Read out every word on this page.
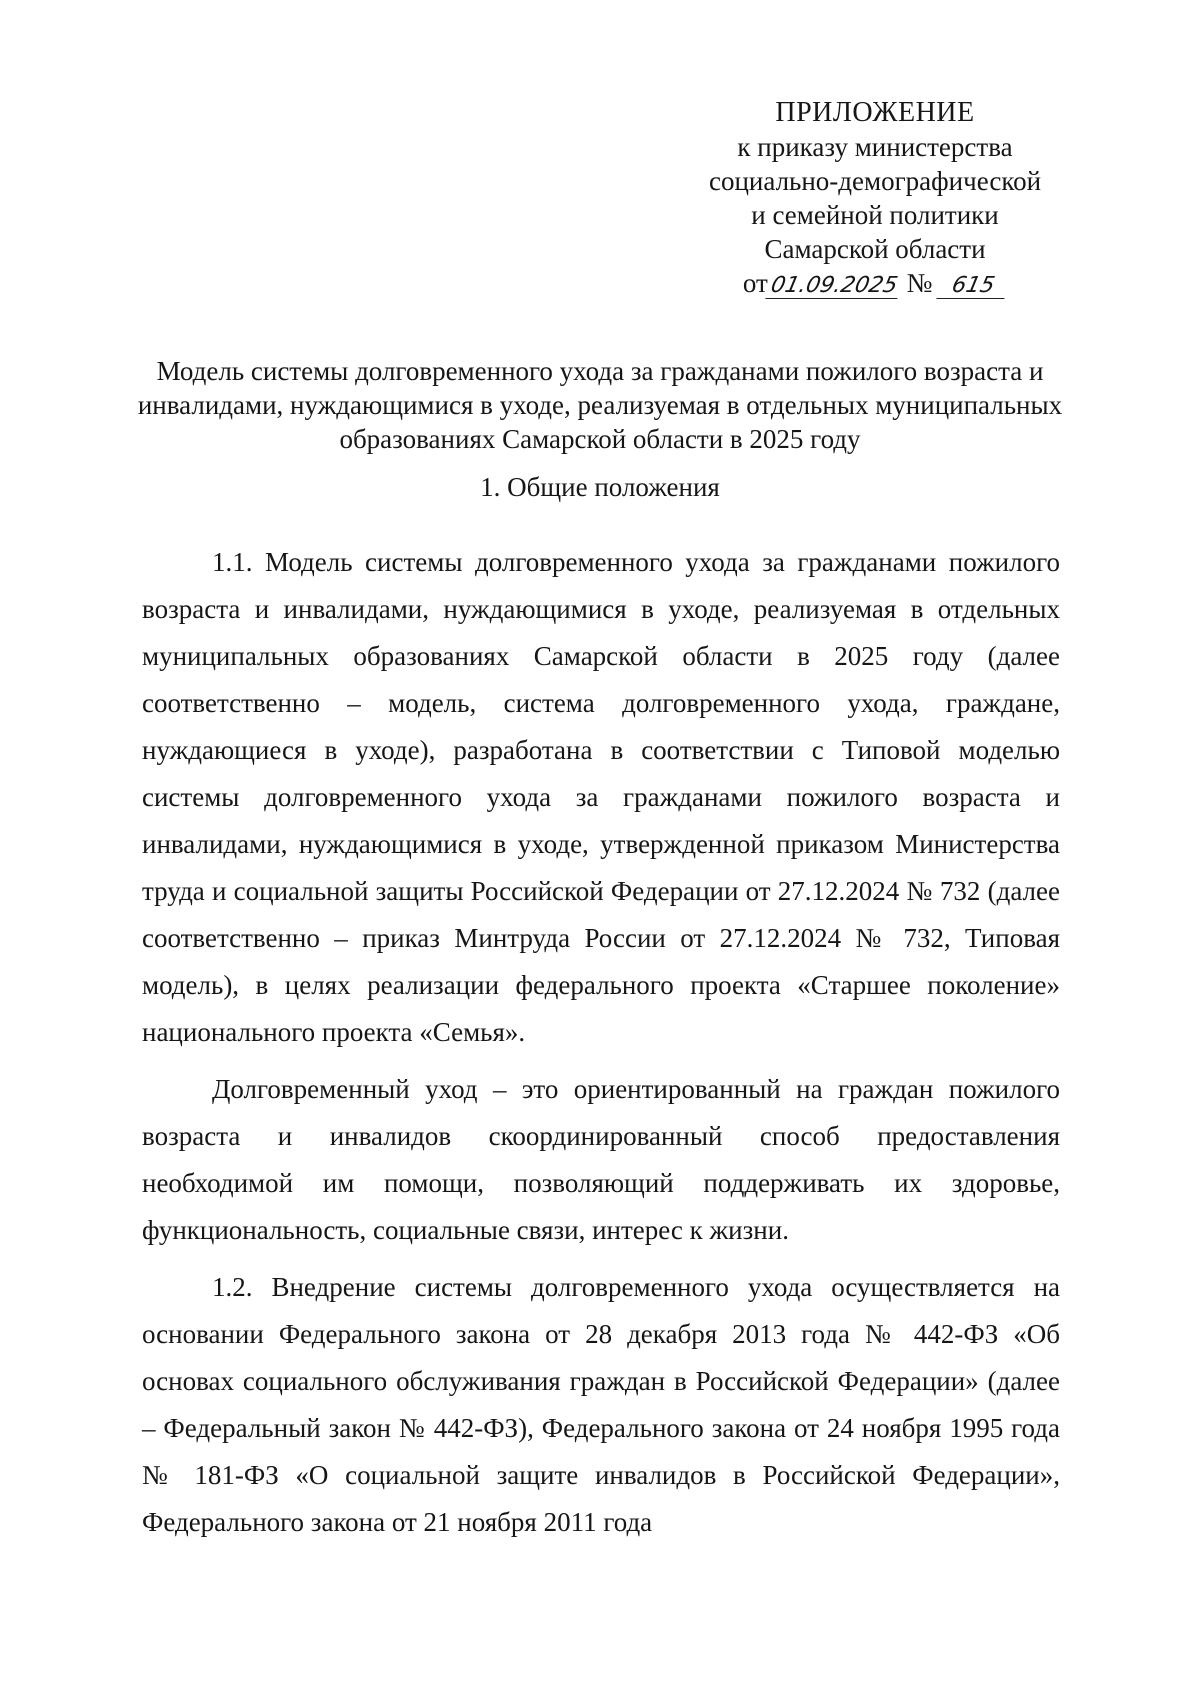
ПРИЛОЖЕНИЕ
к приказу министерства
социально-демографической
и семейной политики
Самарской области
от01.09.2025 № 615
Модель системы долговременного ухода за гражданами пожилого возраста и инвалидами, нуждающимися в уходе, реализуемая в отдельных муниципальных образованиях Самарской области в 2025 году
1. Общие положения

1.1. Модель системы долговременного ухода за гражданами пожилого возраста и инвалидами, нуждающимися в уходе, реализуемая в отдельных муниципальных образованиях Самарской области в 2025 году (далее соответственно – модель, система долговременного ухода, граждане, нуждающиеся в уходе), разработана в соответствии с Типовой моделью системы долговременного ухода за гражданами пожилого возраста и инвалидами, нуждающимися в уходе, утвержденной приказом Министерства труда и социальной защиты Российской Федерации от 27.12.2024 № 732 (далее соответственно – приказ Минтруда России от 27.12.2024 № 732, Типовая модель), в целях реализации федерального проекта «Старшее поколение» национального проекта «Семья».

Долговременный уход – это ориентированный на граждан пожилого возраста и инвалидов скоординированный способ предоставления необходимой им помощи, позволяющий поддерживать их здоровье, функциональность, социальные связи, интерес к жизни.

1.2. Внедрение системы долговременного ухода осуществляется на основании Федерального закона от 28 декабря 2013 года № 442-ФЗ «Об основах социального обслуживания граждан в Российской Федерации» (далее – Федеральный закон № 442-ФЗ), Федерального закона от 24 ноября 1995 года № 181-ФЗ «О социальной защите инвалидов в Российской Федерации», Федерального закона от 21 ноября 2011 года
